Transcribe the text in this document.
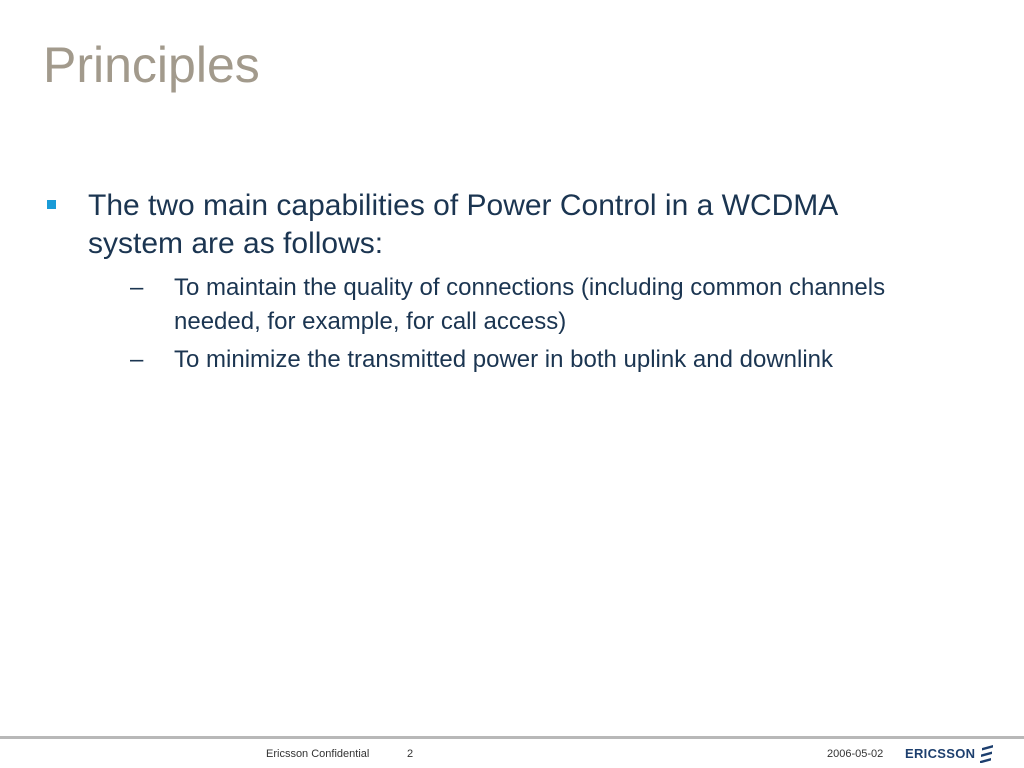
Principles
The two main capabilities of Power Control in a WCDMA system are as follows:
– To maintain the quality of connections (including common channels needed, for example, for call access)
– To minimize the transmitted power in both uplink and downlink
Ericsson Confidential	2	2006-05-02 ERICSSON
